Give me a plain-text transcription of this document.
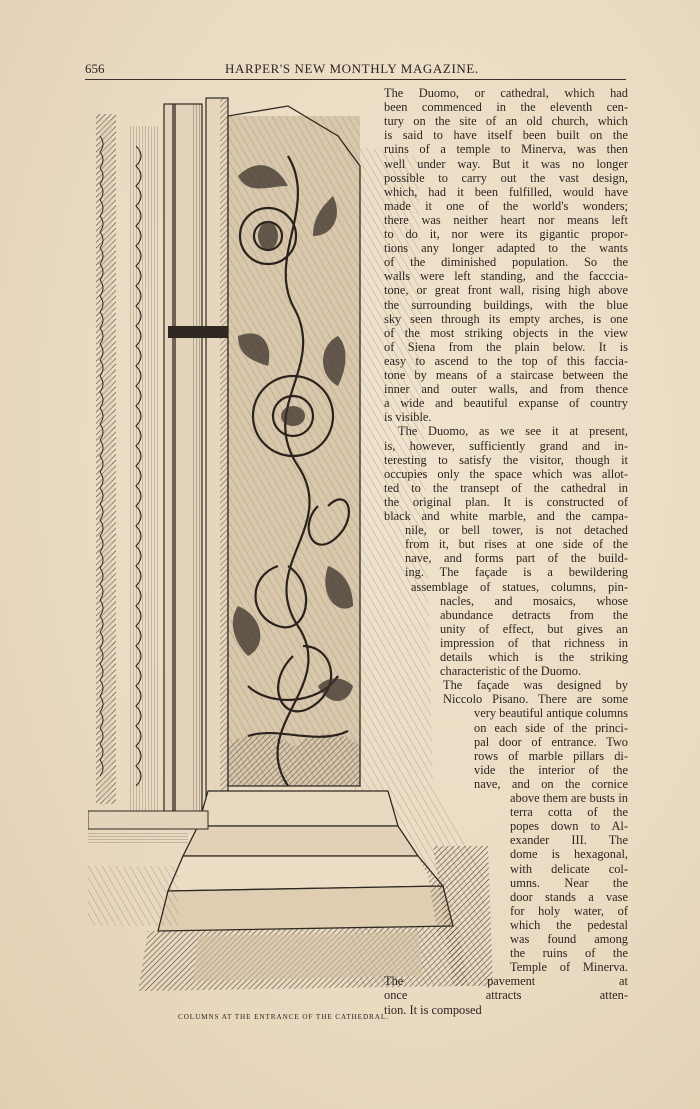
656	HARPER'S NEW MONTHLY MAGAZINE.
COLUMNS AT THE ENTRANCE OF THE CATHEDRAL.
The Duomo, or cathedral, which had
been commenced in the eleventh cen-
tury on the site of an old church, which
is said to have itself been built on the
ruins of a temple to Minerva, was then
well under way. But it was no longer
possible to carry out the vast design,
which, had it been fulfilled, would have
made it one of the world's wonders;
there was neither heart nor means left
to do it, nor were its gigantic propor-
tions any longer adapted to the wants
of the diminished population. So the
walls were left standing, and the facccia-
tone, or great front wall, rising high above
the surrounding buildings, with the blue
sky seen through its empty arches, is one
of the most striking objects in the view
of Siena from the plain below. It is
easy to ascend to the top of this faccia-
tone by means of a staircase between the
inner and outer walls, and from thence
a wide and beautiful expanse of country
is visible.
The Duomo, as we see it at present,
is, however, sufficiently grand and in-
teresting to satisfy the visitor, though it
occupies only the space which was allot-
ted to the transept of the cathedral in
the original plan. It is constructed of
black and white marble, and the campa-
nile, or bell tower, is not detached
from it, but rises at one side of the
nave, and forms part of the build-
ing. The façade is a bewildering
assemblage of statues, columns, pin-
nacles, and mosaics, whose
abundance detracts from the
unity of effect, but gives an
impression of that richness in
details which is the striking
characteristic of the Duomo.
The façade was designed by
Niccolo Pisano. There are some
very beautiful antique columns
on each side of the princi-
pal door of entrance. Two
rows of marble pillars di-
vide the interior of the
nave, and on the cornice
above them are busts in
terra cotta of the
popes down to Al-
exander III. The
dome is hexagonal,
with delicate col-
umns. Near the
door stands a vase
for holy water, of
which the pedestal
was found among
the ruins of the
Temple of Minerva.
The pavement at
once attracts atten-
tion. It is composed
